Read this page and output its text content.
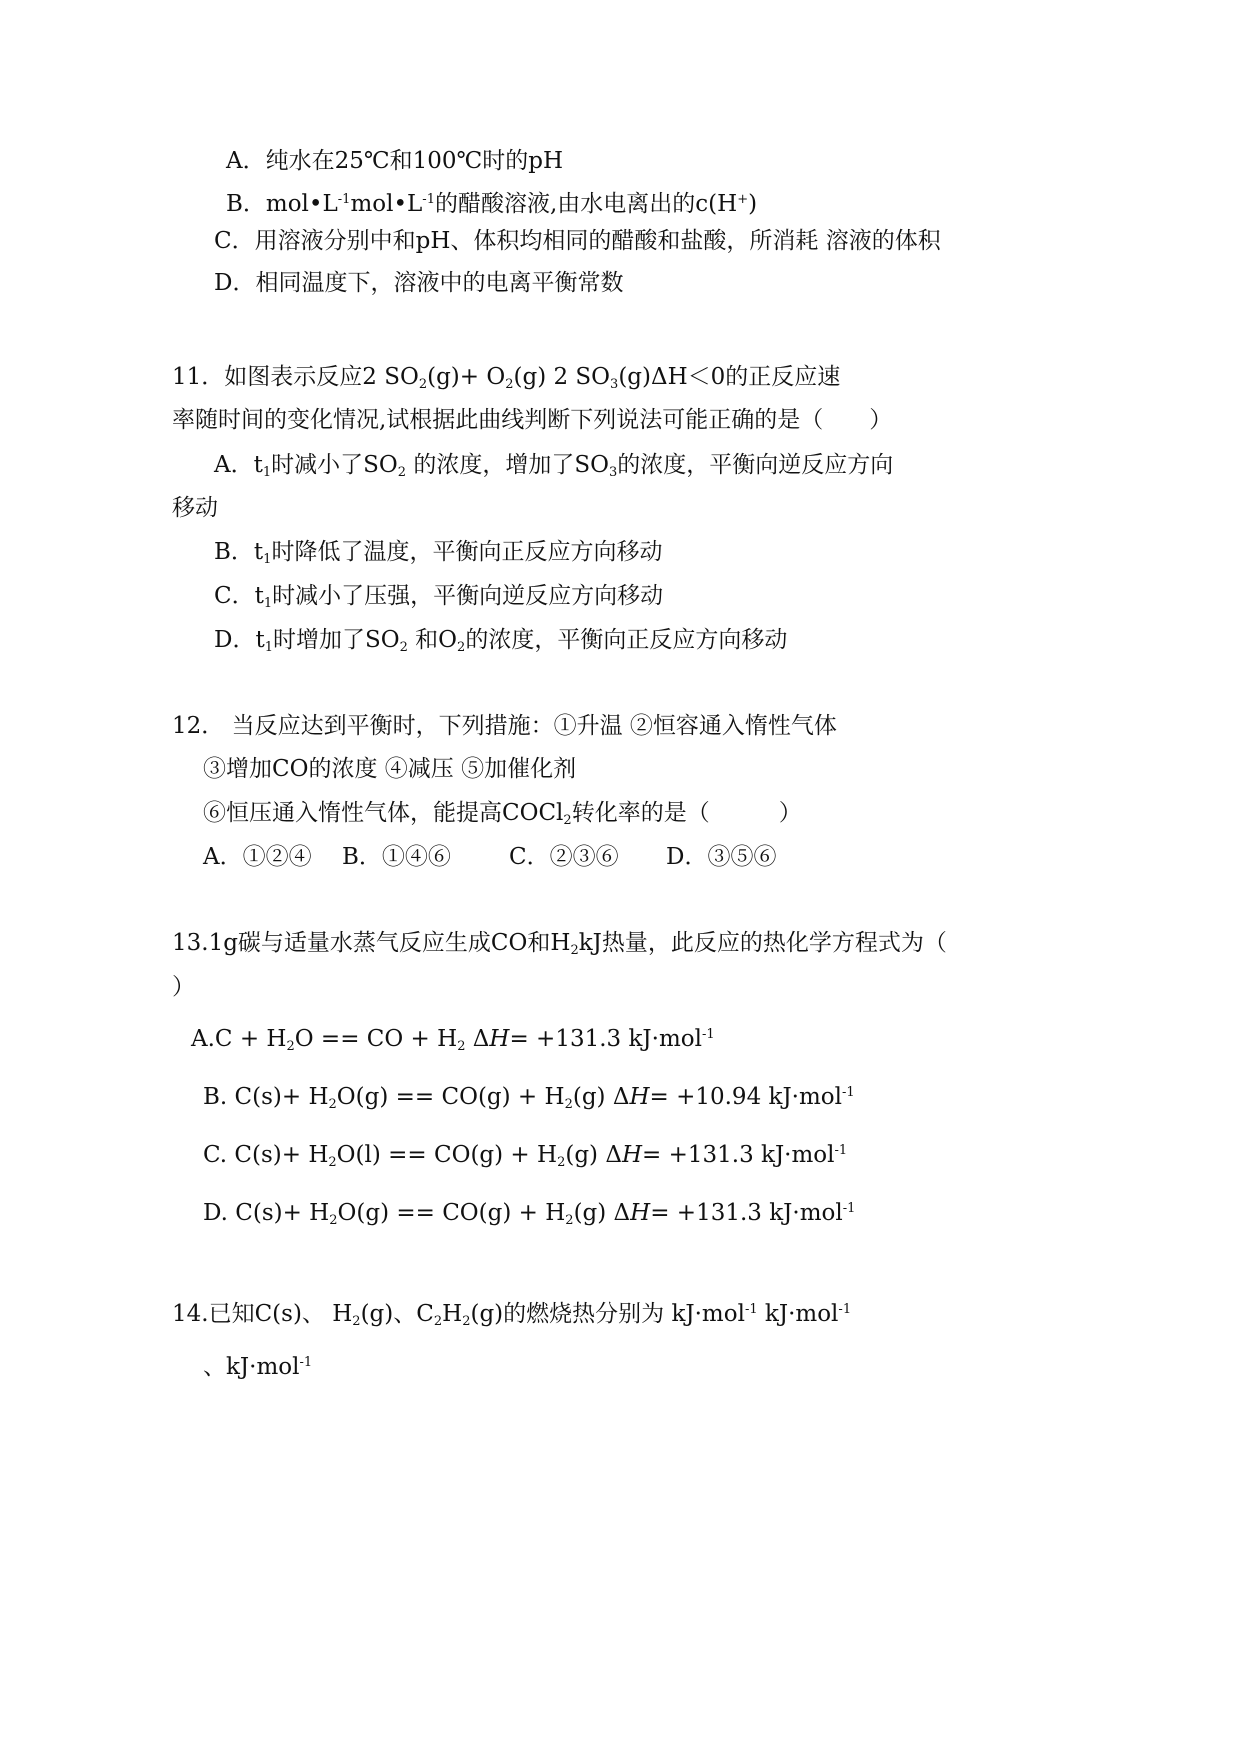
A．纯水在25℃和100℃时的pH
B．$mol•L^{-1}mol•L^{-1}$的醋酸溶液,由水电离出的c(H+)
C．用溶液分别中和pH、体积均相同的醋酸和盐酸，所消耗 溶液的体积
D．相同温度下，溶液中的电离平衡常数
11．如图表示反应2 $SO_2(g)+ O_2(g)$ 2 $SO_3(g)\Delta H<0$的正反应速
率随时间的变化情况,试根据此曲线判断下列说法可能正确的是（　　）
A．$t_1$时减小了$SO_2$ 的浓度，增加了$SO_3$的浓度，平衡向逆反应方向
移动
B．$t_1$时降低了温度，平衡向正反应方向移动
C．$t_1$时减小了压强，平衡向逆反应方向移动
D．$t_1$时增加了$SO_2$ 和$O_2$的浓度，平衡向正反应方向移动
12． 当反应达到平衡时，下列措施：①升温 ②恒容通入惰性气体
③增加CO的浓度 ④减压 ⑤加催化剂
⑥恒压通入惰性气体，能提高COCl$_2$转化率的是（　　　）
A．①②④ B．①④⑥	C．②③⑥ D．③⑤⑥
13.1g碳与适量水蒸气反应生成CO和$H_2kJ$热量，此反应的热化学方程式为（
）
$A.C + H_2O$ == CO + $H_2$ ΔH= +131.3 kJ·mol$^{-1}$
B. $C(s)+ H_2O(g) == CO(g) + H_2(g)$ ΔH= +10.94 kJ·mol$^{-1}$
C. $C(s)+ H_2O(l) == CO(g) + H_2(g)$ ΔH= +131.3 kJ·mol$^{-1}$
D. $C(s)+ H_2O(g) == CO(g) + H_2(g)$ ΔH= +131.3 kJ·mol$^{-1}$
14.已知C(s)、 $H_2(g)$、$C_2H_2(g)$的燃烧热分别为 kJ·mol$^{-1}$ kJ·mol$^{-1}$
、kJ·mol$^{-1}$
